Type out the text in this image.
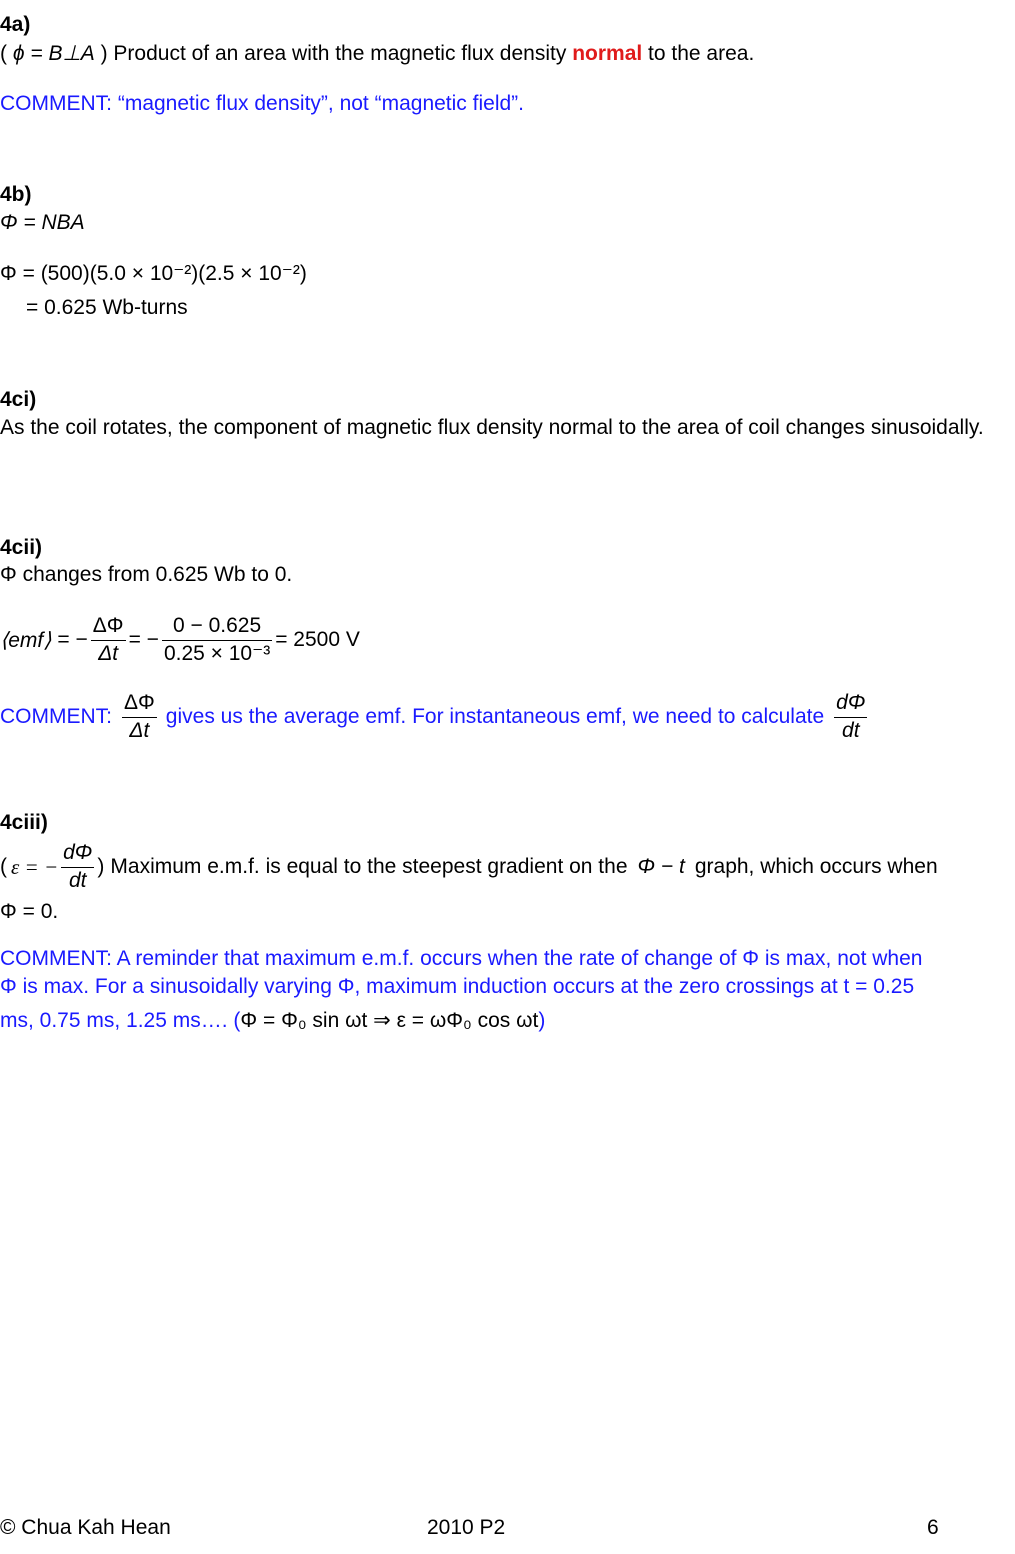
4a)
( ϕ = B⊥A ) Product of an area with the magnetic flux density normal to the area.
COMMENT: “magnetic flux density”, not “magnetic field”.
4b)
Φ = NBA
Φ = (500)(5.0 × 10⁻²)(2.5 × 10⁻²)
= 0.625 Wb-turns
4ci)
As the coil rotates, the component of magnetic flux density normal to the area of coil changes sinusoidally.
4cii)
Φ changes from 0.625 Wb to 0.
⟨emf⟩ = − $\frac{\Delta\Phi}{\Delta t}$ = − $\frac{0 - 0.625}{\text{0.25 × 10⁻³}} = 2500$ V
COMMENT: $\frac{\Delta\Phi}{\Delta t}$ gives us the average emf. For instantaneous emf, we need to calculate $\frac{d\Phi}{dt}$
4ciii)
( ε = − $\frac{d\Phi}{dt}$ ) Maximum e.m.f. is equal to the steepest gradient on the Φ − t graph, which occurs when
Φ = 0.
COMMENT: A reminder that maximum e.m.f. occurs when the rate of change of Φ is max, not when
Φ is max. For a sinusoidally varying Φ, maximum induction occurs at the zero crossings at t = 0.25
ms, 0.75 ms, 1.25 ms…. (Φ = Φ₀ sin ωt ⇒ ε = ωΦ₀ cos ωt)
© Chua Kah Hean	2010 P2	6
